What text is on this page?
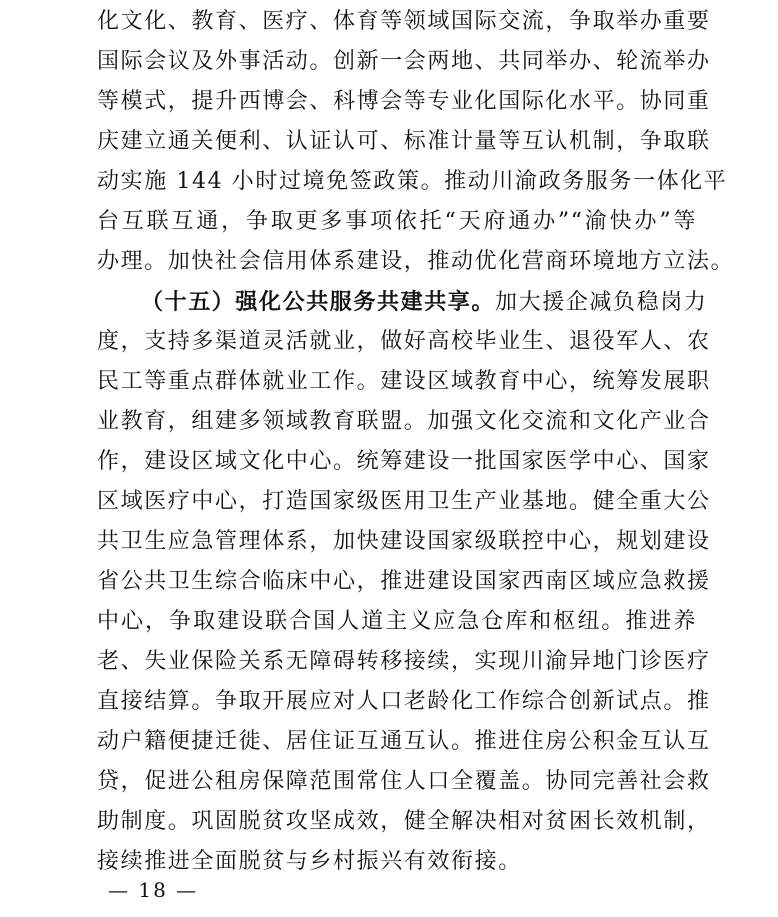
化文化、教育、医疗、体育等领域国际交流，争取举办重要
国际会议及外事活动。创新一会两地、共同举办、轮流举办
等模式，提升西博会、科博会等专业化国际化水平。协同重
庆建立通关便利、认证认可、标准计量等互认机制，争取联
动实施 144 小时过境免签政策。推动川渝政务服务一体化平
台互联互通，争取更多事项依托“天府通办”“渝快办”等
办理。加快社会信用体系建设，推动优化营商环境地方立法。
（十五）强化公共服务共建共享。加大援企减负稳岗力
度，支持多渠道灵活就业，做好高校毕业生、退役军人、农
民工等重点群体就业工作。建设区域教育中心，统筹发展职
业教育，组建多领域教育联盟。加强文化交流和文化产业合
作，建设区域文化中心。统筹建设一批国家医学中心、国家
区域医疗中心，打造国家级医用卫生产业基地。健全重大公
共卫生应急管理体系，加快建设国家级联控中心，规划建设
省公共卫生综合临床中心，推进建设国家西南区域应急救援
中心，争取建设联合国人道主义应急仓库和枢纽。推进养
老、失业保险关系无障碍转移接续，实现川渝异地门诊医疗
直接结算。争取开展应对人口老龄化工作综合创新试点。推
动户籍便捷迁徙、居住证互通互认。推进住房公积金互认互
贷，促进公租房保障范围常住人口全覆盖。协同完善社会救
助制度。巩固脱贫攻坚成效，健全解决相对贫困长效机制，
接续推进全面脱贫与乡村振兴有效衔接。
— 18 —
